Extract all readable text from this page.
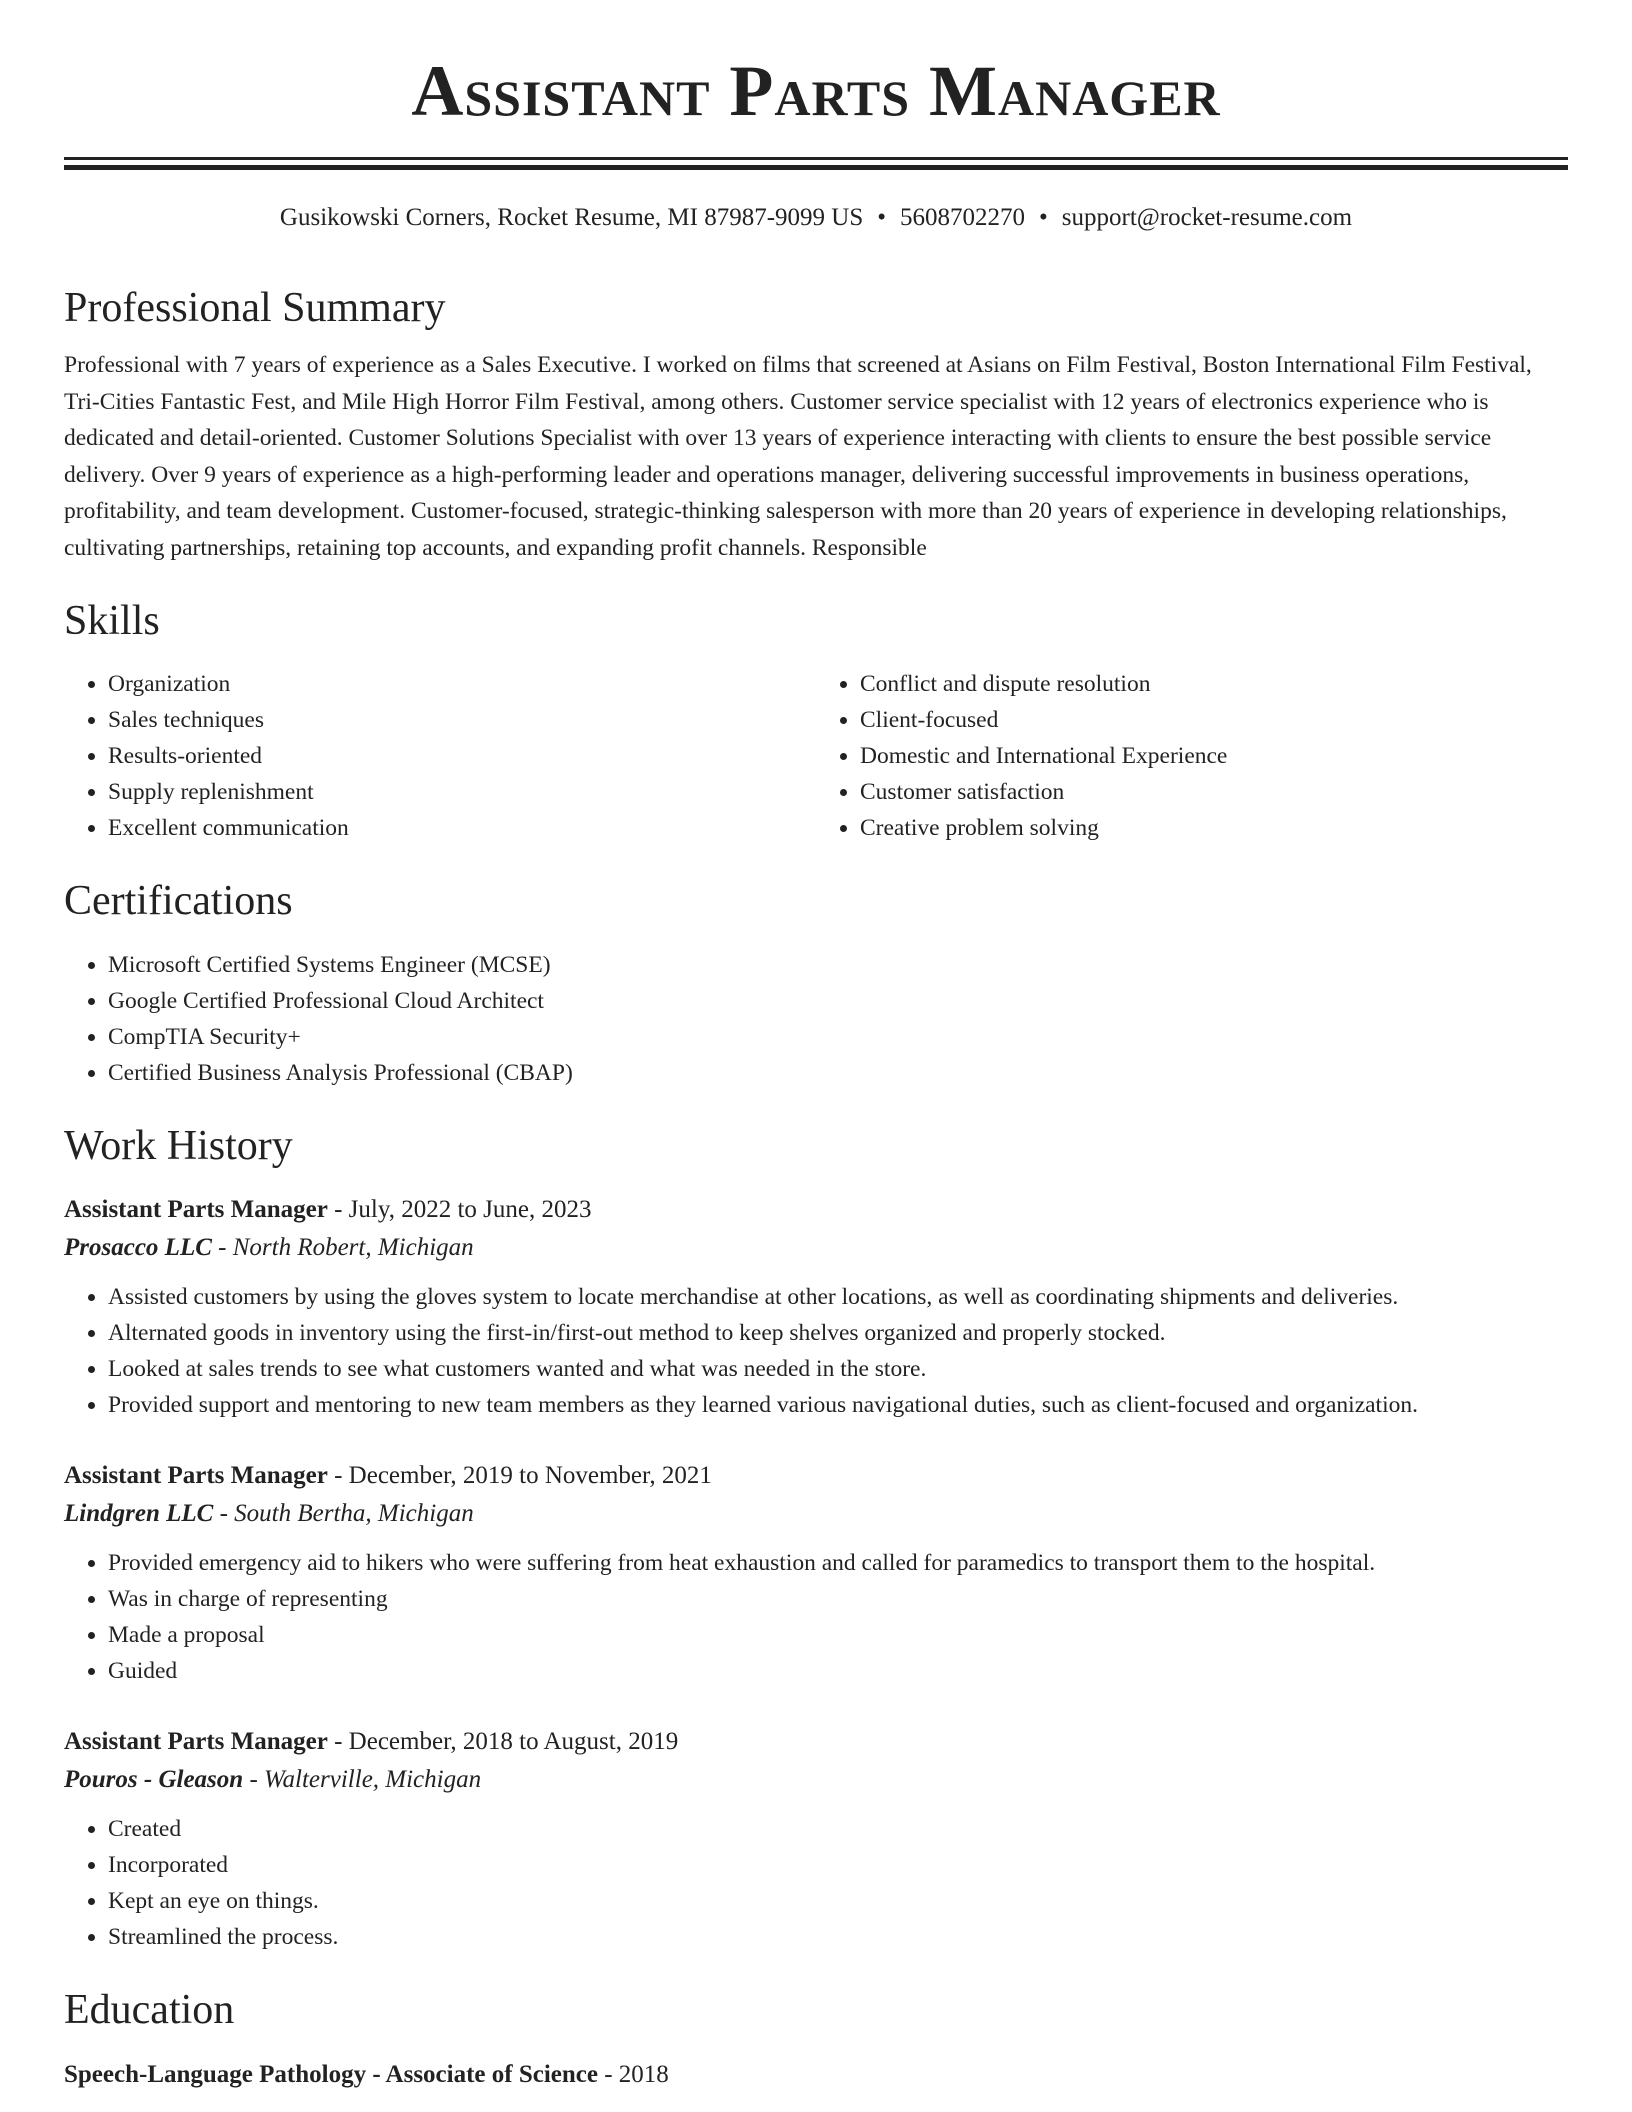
Assistant Parts Manager
Gusikowski Corners, Rocket Resume, MI 87987-9099 US • 5608702270 • support@rocket-resume.com
Professional Summary

Professional with 7 years of experience as a Sales Executive. I worked on films that screened at Asians on Film Festival, Boston International Film Festival, Tri-Cities Fantastic Fest, and Mile High Horror Film Festival, among others. Customer service specialist with 12 years of electronics experience who is dedicated and detail-oriented. Customer Solutions Specialist with over 13 years of experience interacting with clients to ensure the best possible service delivery. Over 9 years of experience as a high-performing leader and operations manager, delivering successful improvements in business operations, profitability, and team development. Customer-focused, strategic-thinking salesperson with more than 20 years of experience in developing relationships, cultivating partnerships, retaining top accounts, and expanding profit channels. Responsible

Skills
• Organization
• Sales techniques
• Results-oriented
• Supply replenishment
• Excellent communication
• Conflict and dispute resolution
• Client-focused
• Domestic and International Experience
• Customer satisfaction
• Creative problem solving
Certifications
• Microsoft Certified Systems Engineer (MCSE)
• Google Certified Professional Cloud Architect
• CompTIA Security+
• Certified Business Analysis Professional (CBAP)
Work History
Assistant Parts Manager - July, 2022 to June, 2023
Prosacco LLC - North Robert, Michigan
• Assisted customers by using the gloves system to locate merchandise at other locations, as well as coordinating shipments and deliveries.
• Alternated goods in inventory using the first-in/first-out method to keep shelves organized and properly stocked.
• Looked at sales trends to see what customers wanted and what was needed in the store.
• Provided support and mentoring to new team members as they learned various navigational duties, such as client-focused and organization.
Assistant Parts Manager - December, 2019 to November, 2021
Lindgren LLC - South Bertha, Michigan
• Provided emergency aid to hikers who were suffering from heat exhaustion and called for paramedics to transport them to the hospital.
• Was in charge of representing
• Made a proposal
• Guided
Assistant Parts Manager - December, 2018 to August, 2019
Pouros - Gleason - Walterville, Michigan
• Created
• Incorporated
• Kept an eye on things.
• Streamlined the process.
Education
Speech-Language Pathology - Associate of Science - 2018
